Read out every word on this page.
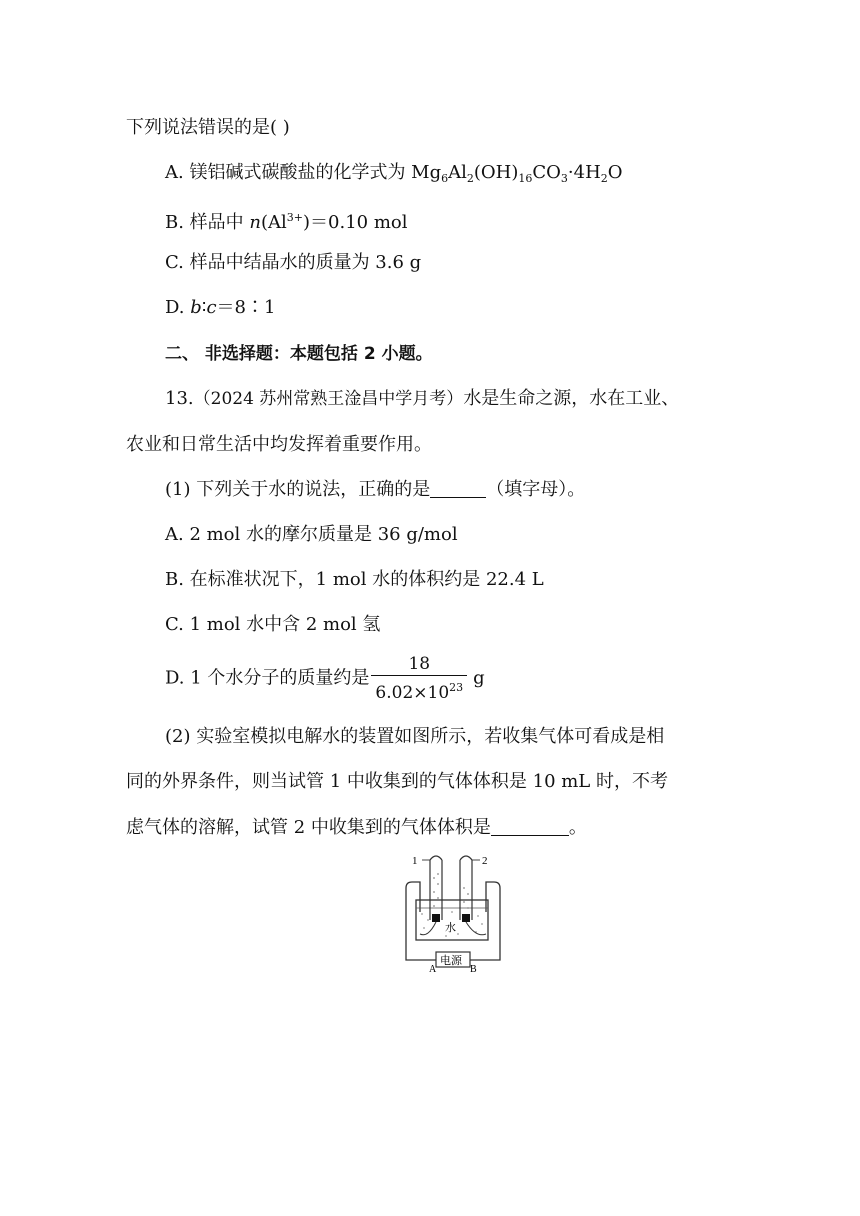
下列说法错误的是( )
A. 镁铝碱式碳酸盐的化学式为 $Mg_6Al_2(OH)_{16}CO_3\cdot 4H_2O$
B. 样品中 $n(Al^{3+})=0.10$ mol
C. 样品中结晶水的质量为 3.6 g
D. b∶c＝8∶1
二、 非选择题：本题包括 2 小题。
13.（2024 苏州常熟王淦昌中学月考）水是生命之源，水在工业、
农业和日常生活中均发挥着重要作用。
(1) 下列关于水的说法，正确的是	（填字母）。
A. 2 mol 水的摩尔质量是 36 g/mol
B. 在标准状况下，1 mol 水的体积约是 22.4 L
C. 1 mol 水中含 2 mol 氢
D. 1 个水分子的质量约是 $\frac{18}{6.02\times 10^{23}}$ g
(2) 实验室模拟电解水的装置如图所示，若收集气体可看成是相
同的外界条件，则当试管 1 中收集到的气体体积是 10 mL 时，不考
虑气体的溶解，试管 2 中收集到的气体体积是	。
1	2
水
电源
A	B
